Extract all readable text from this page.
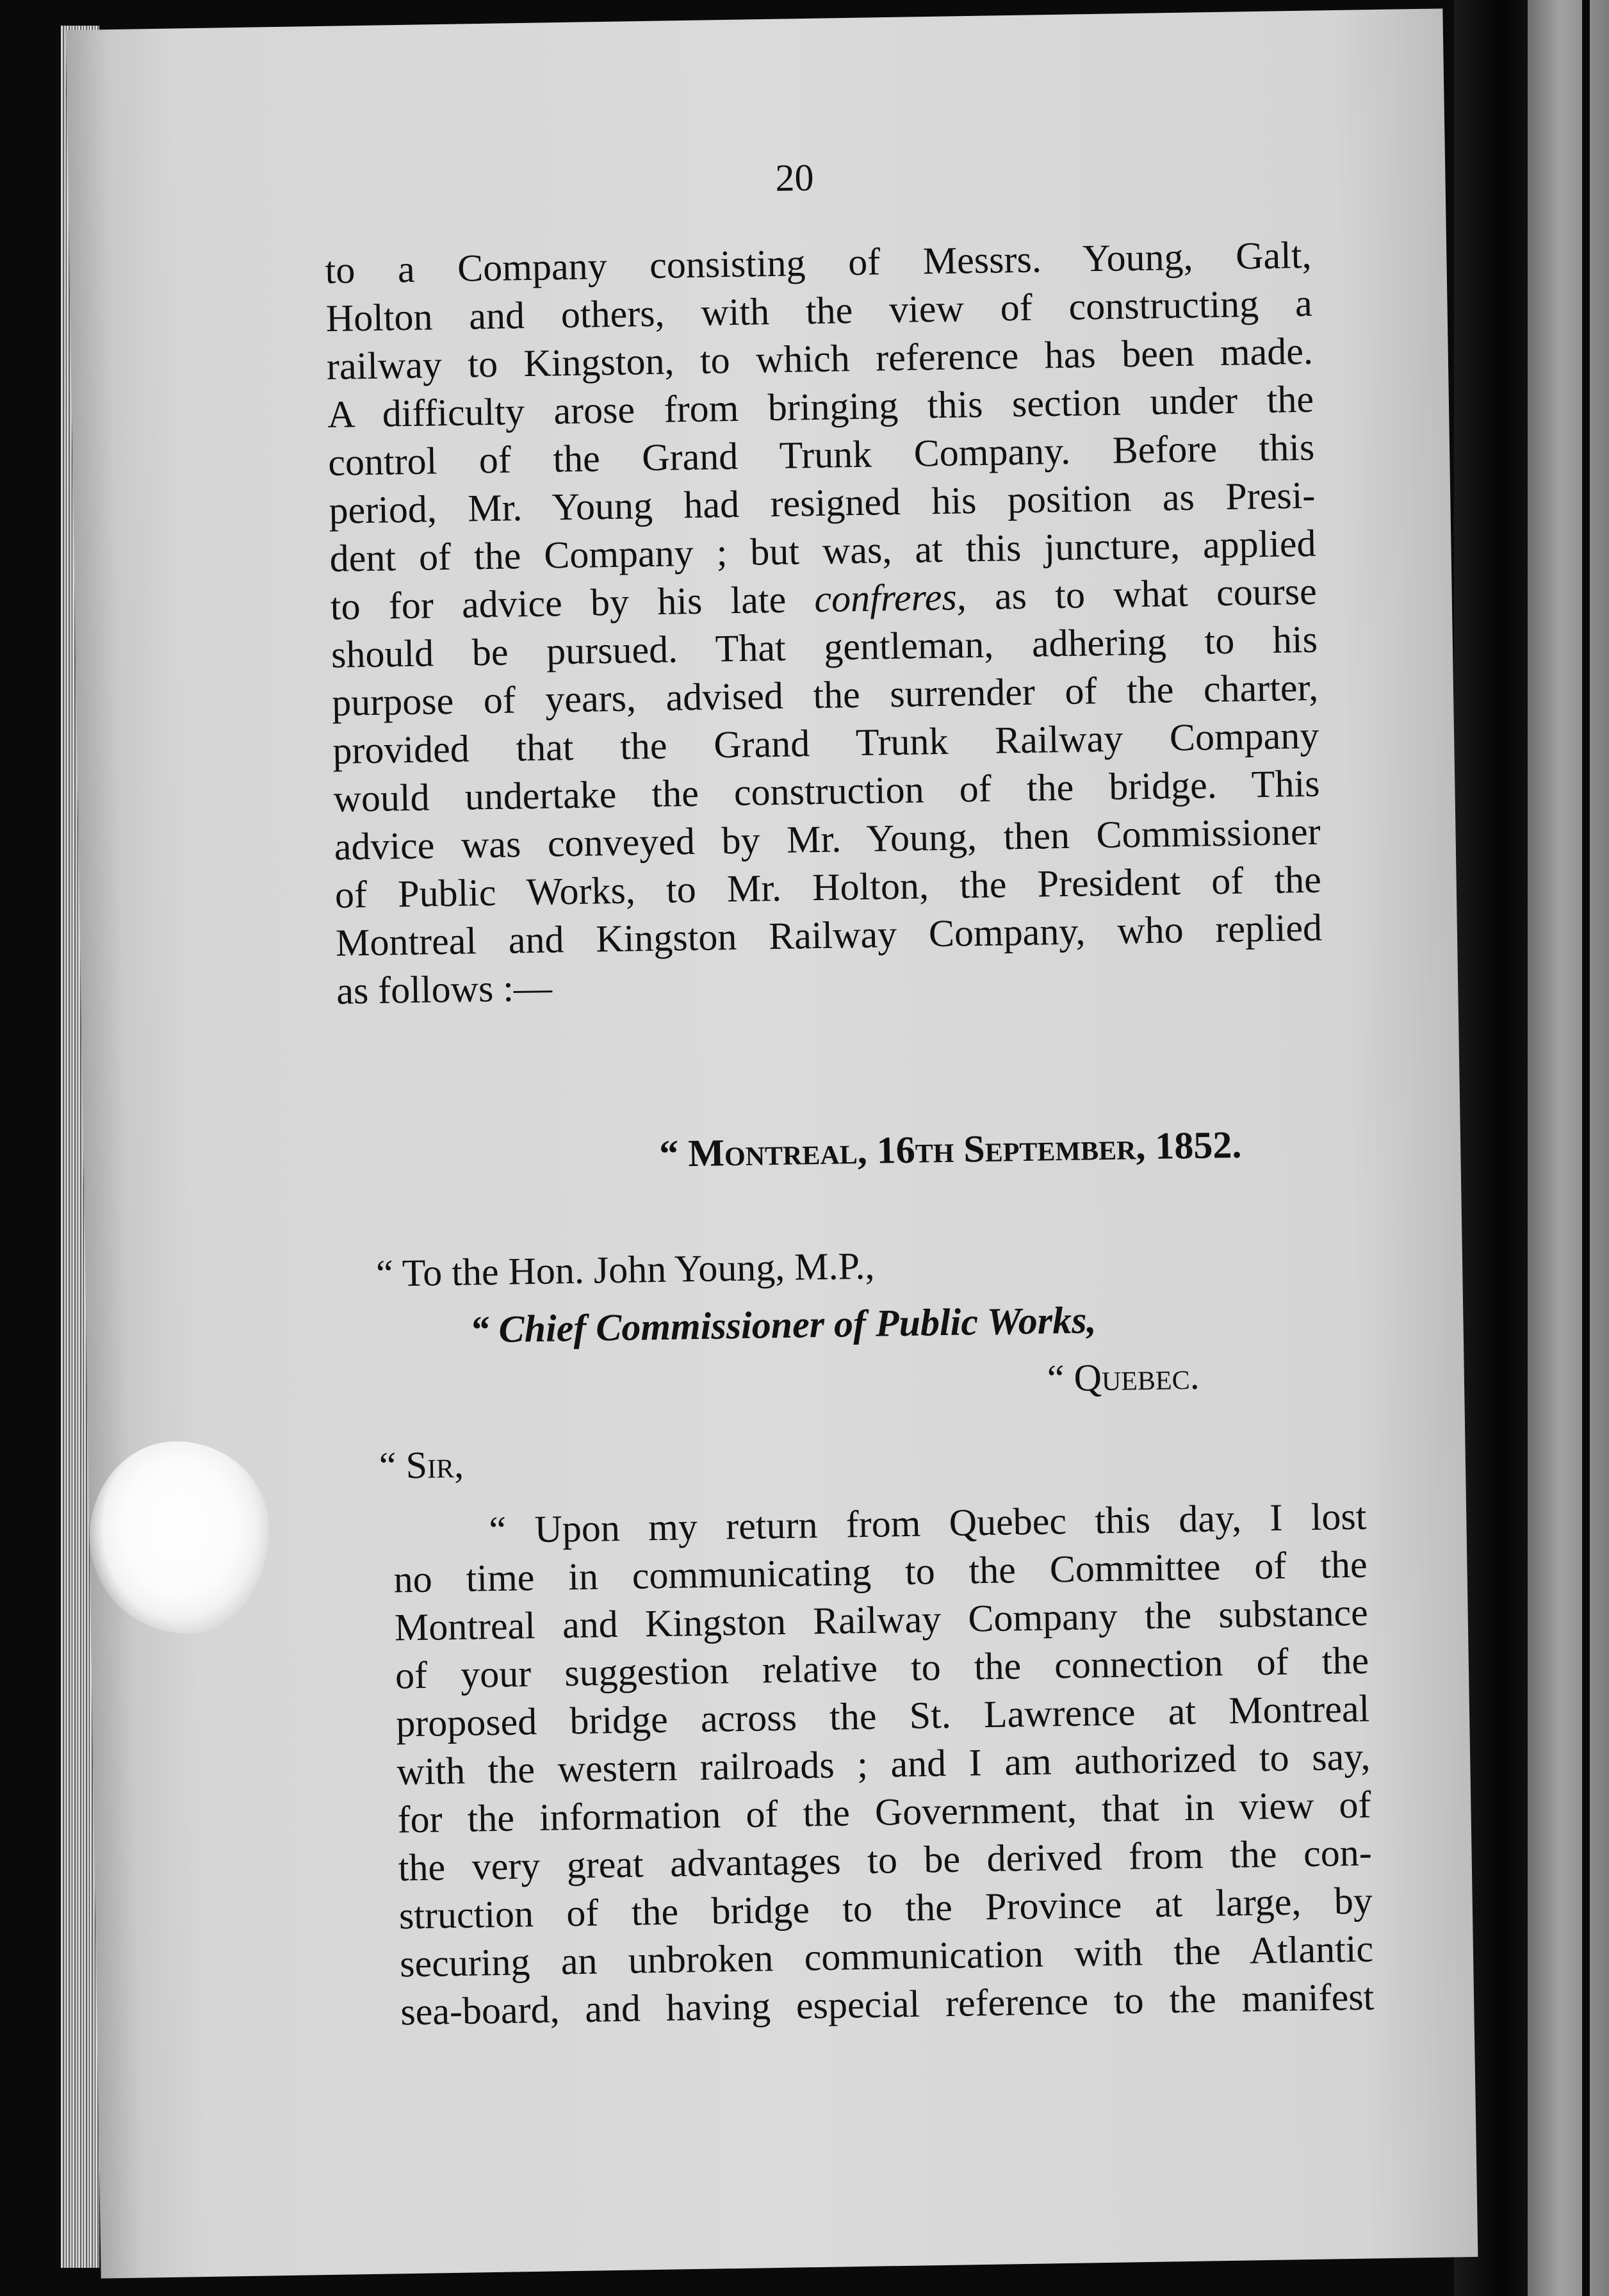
20
to a Company consisting of Messrs. Young, Galt,
Holton and others, with the view of constructing a
railway to Kingston, to which reference has been made.
A difficulty arose from bringing this section under the
control of the Grand Trunk Company. Before this
period, Mr. Young had resigned his position as Presi-
dent of the Company ; but was, at this juncture, applied
to for advice by his late confreres, as to what course
should be pursued. That gentleman, adhering to his
purpose of years, advised the surrender of the charter,
provided that the Grand Trunk Railway Company
would undertake the construction of the bridge. This
advice was conveyed by Mr. Young, then Commissioner
of Public Works, to Mr. Holton, the President of the
Montreal and Kingston Railway Company, who replied
as follows :—
“ Montreal, 16th September, 1852.
“ To the Hon. John Young, M.P.,
“ Chief Commissioner of Public Works,
“ Quebec.
“ Sir,
“ Upon my return from Quebec this day, I lost
no time in communicating to the Committee of the
Montreal and Kingston Railway Company the substance
of your suggestion relative to the connection of the
proposed bridge across the St. Lawrence at Montreal
with the western railroads ; and I am authorized to say,
for the information of the Government, that in view of
the very great advantages to be derived from the con-
struction of the bridge to the Province at large, by
securing an unbroken communication with the Atlantic
sea-board, and having especial reference to the manifest
